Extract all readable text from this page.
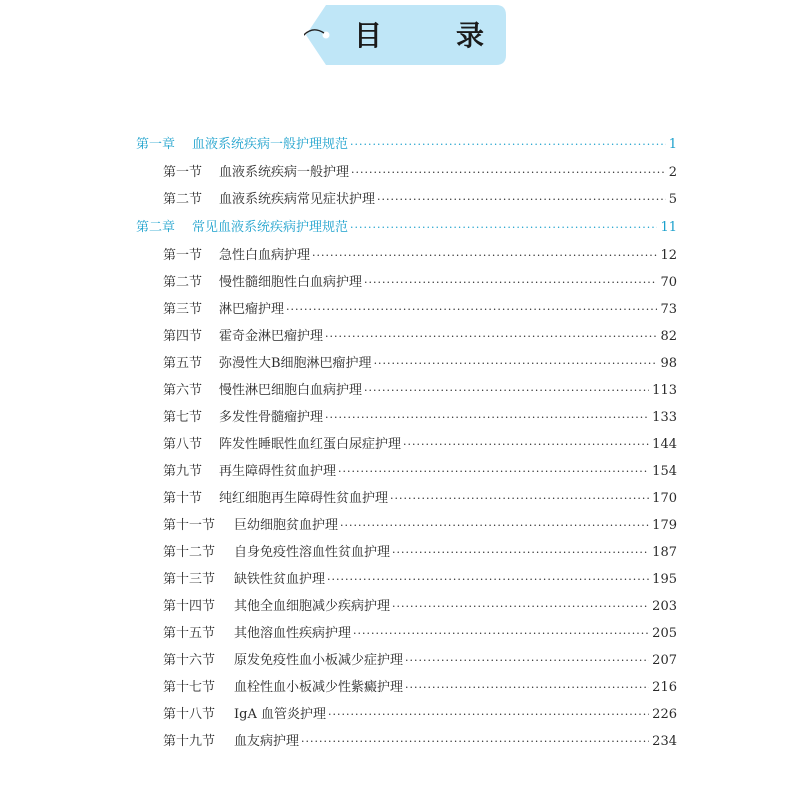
目	录
第一章	血液系统疾病一般护理规范 ·····	1
第一节	血液系统疾病一般护理 ·····	2
第二节	血液系统疾病常见症状护理 ·····	5
第二章	常见血液系统疾病护理规范 ·····	11
第一节	急性白血病护理 ·····	12
第二节	慢性髓细胞性白血病护理 ·····	70
第三节	淋巴瘤护理 ·····	73
第四节	霍奇金淋巴瘤护理 ·····	82
第五节	弥漫性大B细胞淋巴瘤护理 ·····	98
第六节	慢性淋巴细胞白血病护理 ·····	113
第七节	多发性骨髓瘤护理 ·····	133
第八节	阵发性睡眠性血红蛋白尿症护理 ·····	144
第九节	再生障碍性贫血护理 ·····	154
第十节	纯红细胞再生障碍性贫血护理 ·····	170
第十一节	巨幼细胞贫血护理 ·····	179
第十二节	自身免疫性溶血性贫血护理 ·····	187
第十三节	缺铁性贫血护理 ·····	195
第十四节	其他全血细胞减少疾病护理 ·····	203
第十五节	其他溶血性疾病护理 ·····	205
第十六节	原发免疫性血小板减少症护理 ·····	207
第十七节	血栓性血小板减少性紫癜护理 ·····	216
第十八节	IgA 血管炎护理 ·····	226
第十九节	血友病护理 ·····	234
